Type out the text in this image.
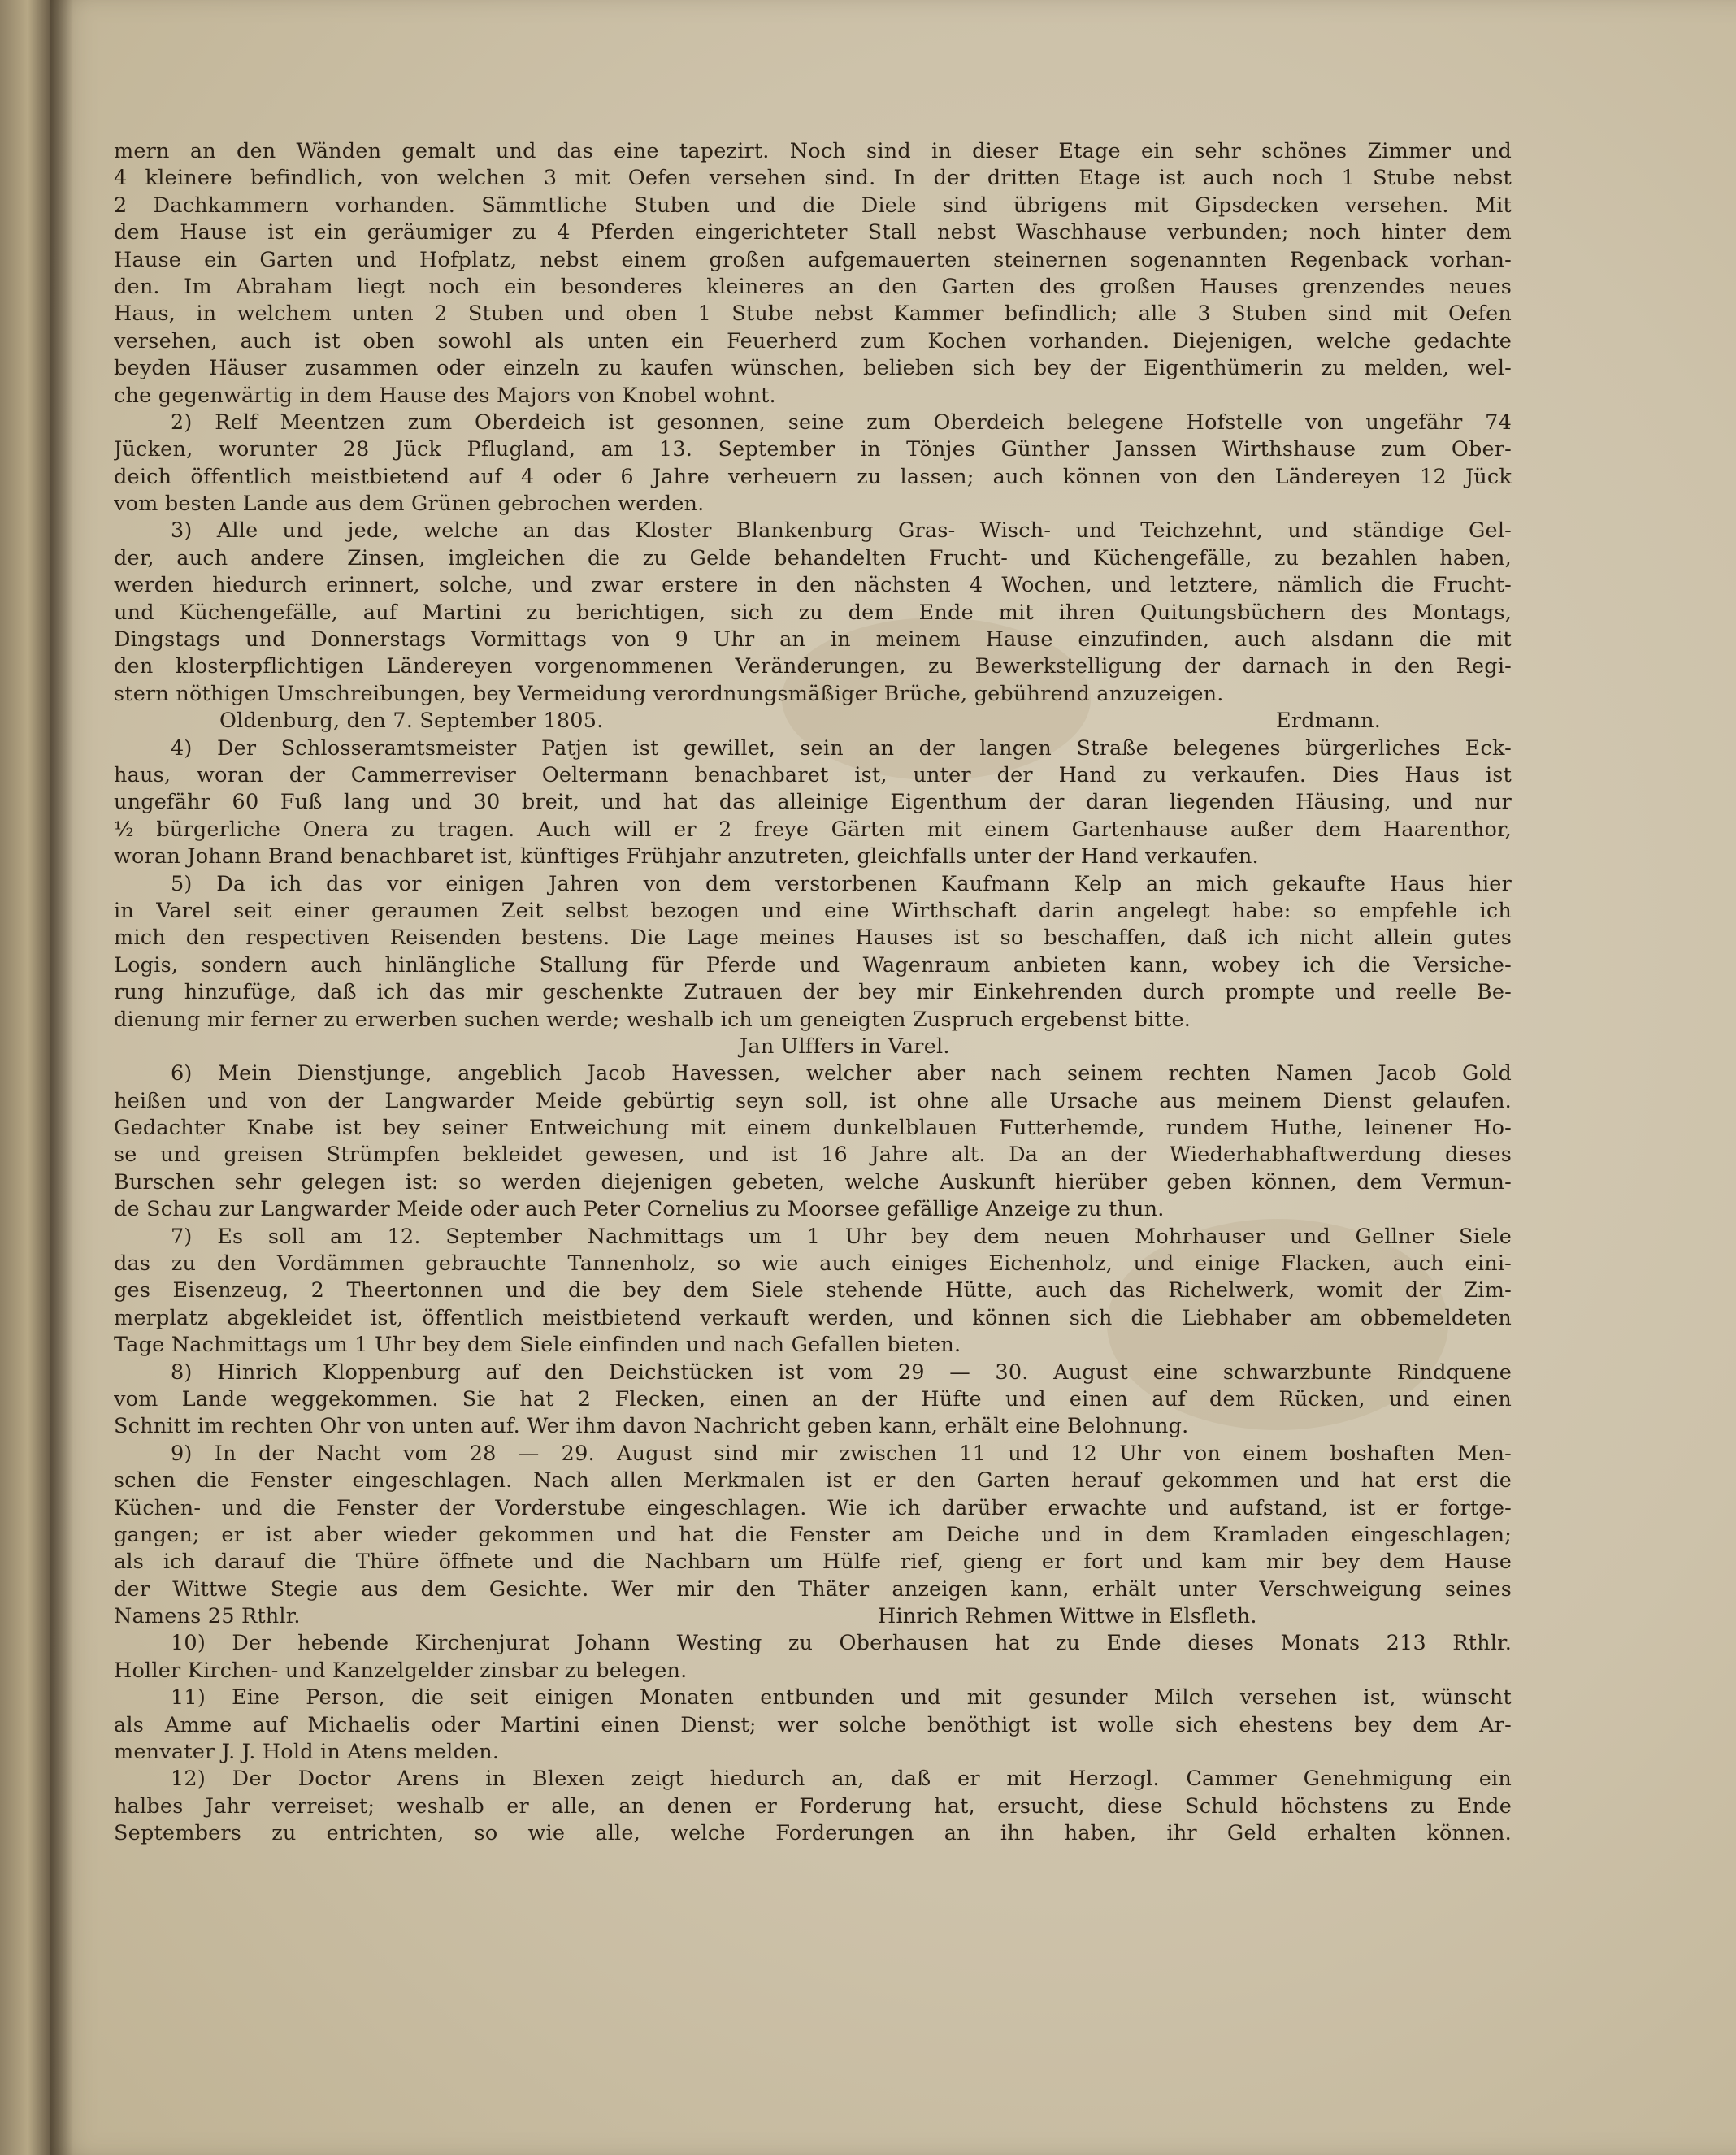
mern an den Wänden gemalt und das eine tapezirt. Noch sind in dieser Etage ein sehr schönes Zimmer und
4 kleinere befindlich, von welchen 3 mit Oefen versehen sind. In der dritten Etage ist auch noch 1 Stube nebst
2 Dachkammern vorhanden. Sämmtliche Stuben und die Diele sind übrigens mit Gipsdecken versehen. Mit
dem Hause ist ein geräumiger zu 4 Pferden eingerichteter Stall nebst Waschhause verbunden; noch hinter dem
Hause ein Garten und Hofplatz, nebst einem großen aufgemauerten steinernen sogenannten Regenback vorhan-
den. Im Abraham liegt noch ein besonderes kleineres an den Garten des großen Hauses grenzendes neues
Haus, in welchem unten 2 Stuben und oben 1 Stube nebst Kammer befindlich; alle 3 Stuben sind mit Oefen
versehen, auch ist oben sowohl als unten ein Feuerherd zum Kochen vorhanden. Diejenigen, welche gedachte
beyden Häuser zusammen oder einzeln zu kaufen wünschen, belieben sich bey der Eigenthümerin zu melden, wel-
che gegenwärtig in dem Hause des Majors von Knobel wohnt.
2) Relf Meentzen zum Oberdeich ist gesonnen, seine zum Oberdeich belegene Hofstelle von ungefähr 74
Jücken, worunter 28 Jück Pflugland, am 13. September in Tönjes Günther Janssen Wirthshause zum Ober-
deich öffentlich meistbietend auf 4 oder 6 Jahre verheuern zu lassen; auch können von den Ländereyen 12 Jück
vom besten Lande aus dem Grünen gebrochen werden.
3) Alle und jede, welche an das Kloster Blankenburg Gras- Wisch- und Teichzehnt, und ständige Gel-
der, auch andere Zinsen, imgleichen die zu Gelde behandelten Frucht- und Küchengefälle, zu bezahlen haben,
werden hiedurch erinnert, solche, und zwar erstere in den nächsten 4 Wochen, und letztere, nämlich die Frucht-
und Küchengefälle, auf Martini zu berichtigen, sich zu dem Ende mit ihren Quitungsbüchern des Montags,
Dingstags und Donnerstags Vormittags von 9 Uhr an in meinem Hause einzufinden, auch alsdann die mit
den klosterpflichtigen Ländereyen vorgenommenen Veränderungen, zu Bewerkstelligung der darnach in den Regi-
stern nöthigen Umschreibungen, bey Vermeidung verordnungsmäßiger Brüche, gebührend anzuzeigen.
Oldenburg, den 7. September 1805.	Erdmann.
4) Der Schlosseramtsmeister Patjen ist gewillet, sein an der langen Straße belegenes bürgerliches Eck-
haus, woran der Cammerreviser Oeltermann benachbaret ist, unter der Hand zu verkaufen. Dies Haus ist
ungefähr 60 Fuß lang und 30 breit, und hat das alleinige Eigenthum der daran liegenden Häusing, und nur
½ bürgerliche Onera zu tragen. Auch will er 2 freye Gärten mit einem Gartenhause außer dem Haarenthor,
woran Johann Brand benachbaret ist, künftiges Frühjahr anzutreten, gleichfalls unter der Hand verkaufen.
5) Da ich das vor einigen Jahren von dem verstorbenen Kaufmann Kelp an mich gekaufte Haus hier
in Varel seit einer geraumen Zeit selbst bezogen und eine Wirthschaft darin angelegt habe: so empfehle ich
mich den respectiven Reisenden bestens. Die Lage meines Hauses ist so beschaffen, daß ich nicht allein gutes
Logis, sondern auch hinlängliche Stallung für Pferde und Wagenraum anbieten kann, wobey ich die Versiche-
rung hinzufüge, daß ich das mir geschenkte Zutrauen der bey mir Einkehrenden durch prompte und reelle Be-
dienung mir ferner zu erwerben suchen werde; weshalb ich um geneigten Zuspruch ergebenst bitte.
Jan Ulffers in Varel.
6) Mein Dienstjunge, angeblich Jacob Havessen, welcher aber nach seinem rechten Namen Jacob Gold
heißen und von der Langwarder Meide gebürtig seyn soll, ist ohne alle Ursache aus meinem Dienst gelaufen.
Gedachter Knabe ist bey seiner Entweichung mit einem dunkelblauen Futterhemde, rundem Huthe, leinener Ho-
se und greisen Strümpfen bekleidet gewesen, und ist 16 Jahre alt. Da an der Wiederhabhaftwerdung dieses
Burschen sehr gelegen ist: so werden diejenigen gebeten, welche Auskunft hierüber geben können, dem Vermun-
de Schau zur Langwarder Meide oder auch Peter Cornelius zu Moorsee gefällige Anzeige zu thun.
7) Es soll am 12. September Nachmittags um 1 Uhr bey dem neuen Mohrhauser und Gellner Siele
das zu den Vordämmen gebrauchte Tannenholz, so wie auch einiges Eichenholz, und einige Flacken, auch eini-
ges Eisenzeug, 2 Theertonnen und die bey dem Siele stehende Hütte, auch das Richelwerk, womit der Zim-
merplatz abgekleidet ist, öffentlich meistbietend verkauft werden, und können sich die Liebhaber am obbemeldeten
Tage Nachmittags um 1 Uhr bey dem Siele einfinden und nach Gefallen bieten.
8) Hinrich Kloppenburg auf den Deichstücken ist vom 29 — 30. August eine schwarzbunte Rindquene
vom Lande weggekommen. Sie hat 2 Flecken, einen an der Hüfte und einen auf dem Rücken, und einen
Schnitt im rechten Ohr von unten auf. Wer ihm davon Nachricht geben kann, erhält eine Belohnung.
9) In der Nacht vom 28 — 29. August sind mir zwischen 11 und 12 Uhr von einem boshaften Men-
schen die Fenster eingeschlagen. Nach allen Merkmalen ist er den Garten herauf gekommen und hat erst die
Küchen- und die Fenster der Vorderstube eingeschlagen. Wie ich darüber erwachte und aufstand, ist er fortge-
gangen; er ist aber wieder gekommen und hat die Fenster am Deiche und in dem Kramladen eingeschlagen;
als ich darauf die Thüre öffnete und die Nachbarn um Hülfe rief, gieng er fort und kam mir bey dem Hause
der Wittwe Stegie aus dem Gesichte. Wer mir den Thäter anzeigen kann, erhält unter Verschweigung seines
Namens 25 Rthlr.	Hinrich Rehmen Wittwe in Elsfleth.
10) Der hebende Kirchenjurat Johann Westing zu Oberhausen hat zu Ende dieses Monats 213 Rthlr.
Holler Kirchen- und Kanzelgelder zinsbar zu belegen.
11) Eine Person, die seit einigen Monaten entbunden und mit gesunder Milch versehen ist, wünscht
als Amme auf Michaelis oder Martini einen Dienst; wer solche benöthigt ist wolle sich ehestens bey dem Ar-
menvater J. J. Hold in Atens melden.
12) Der Doctor Arens in Blexen zeigt hiedurch an, daß er mit Herzogl. Cammer Genehmigung ein
halbes Jahr verreiset; weshalb er alle, an denen er Forderung hat, ersucht, diese Schuld höchstens zu Ende
Septembers zu entrichten, so wie alle, welche Forderungen an ihn haben, ihr Geld erhalten können.
